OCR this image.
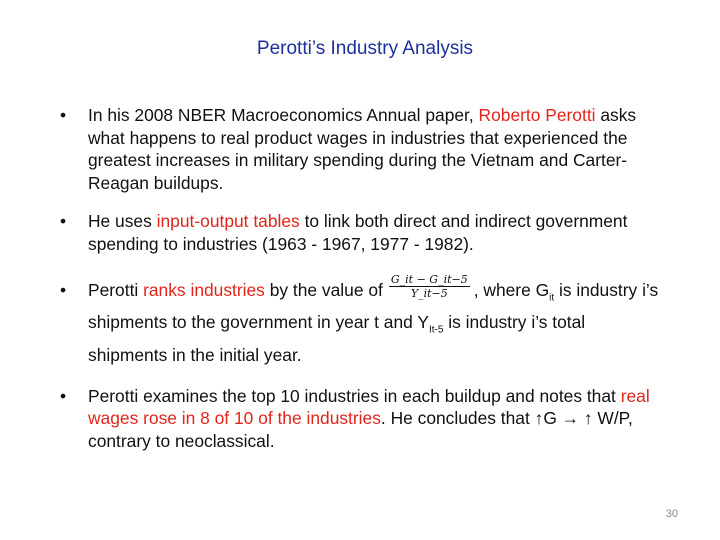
Perotti’s Industry Analysis
• In his 2008 NBER Macroeconomics Annual paper, Roberto Perotti asks what happens to real product wages in industries that experienced the greatest increases in military spending during the Vietnam and Carter-Reagan buildups.
• He uses input-output tables to link both direct and indirect government spending to industries (1963 - 1967, 1977 - 1982).
• Perotti ranks industries by the value of $\frac{G\_it - G\_it-5}{Y\_it-5}$ , where $G_{it}$ is industry i’s shipments to the government in year t and $Y_{It-5}$ is industry i’s total shipments in the initial year.
• Perotti examines the top 10 industries in each buildup and notes that real wages rose in 8 of 10 of the industries. He concludes that ↑G → ↑ W/P, contrary to neoclassical.
30
